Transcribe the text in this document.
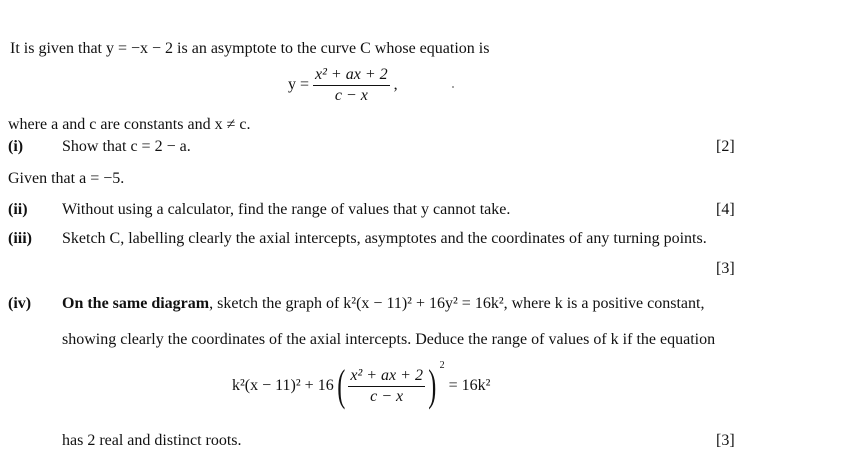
It is given that y = −x − 2 is an asymptote to the curve C whose equation is
$y = \frac{\text{x² + ax + 2}}{c - x}$ ,
where a and c are constants and x ≠ c.
(i) Show that c = 2 − a.	[2]
Given that a = −5.
(ii) Without using a calculator, find the range of values that y cannot take.	[4]
(iii) Sketch C, labelling clearly the axial intercepts, asymptotes and the coordinates of any turning points.
[3]
(iv) On the same diagram, sketch the graph of k²(x − 11)² + 16y² = 16k², where k is a positive constant,
showing clearly the coordinates of the axial intercepts. Deduce the range of values of k if the equation
$k^2(x - 11)^2 + 16( \frac{\text{x² + ax + 2}}{c - x}$ ) $^2$ = 16k²
has 2 real and distinct roots.	[3]
